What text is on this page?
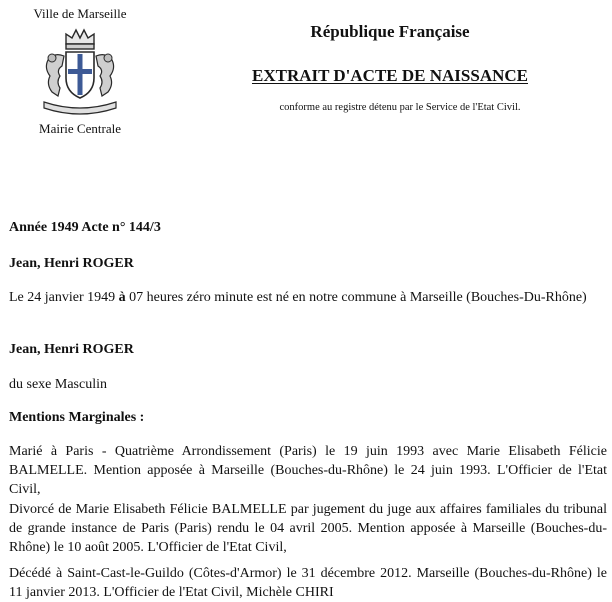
Ville de Marseille
Mairie Centrale
République Française
EXTRAIT D'ACTE DE NAISSANCE
conforme au registre détenu par le Service de l'Etat Civil.
Année 1949 Acte n° 144/3
Jean, Henri ROGER
Le 24 janvier 1949 à 07 heures zéro minute est né en notre commune à Marseille (Bouches-Du-Rhône)
Jean, Henri ROGER
du sexe Masculin
Mentions Marginales :
Marié à Paris - Quatrième Arrondissement (Paris) le 19 juin 1993 avec Marie Elisabeth Félicie BALMELLE. Mention apposée à Marseille (Bouches-du-Rhône) le 24 juin 1993. L'Officier de l'Etat Civil,
Divorcé de Marie Elisabeth Félicie BALMELLE par jugement du juge aux affaires familiales du tribunal de grande instance de Paris (Paris) rendu le 04 avril 2005. Mention apposée à Marseille (Bouches-du-Rhône) le 10 août 2005. L'Officier de l'Etat Civil,
Décédé à Saint-Cast-le-Guildo (Côtes-d'Armor) le 31 décembre 2012. Marseille (Bouches-du-Rhône) le 11 janvier 2013. L'Officier de l'Etat Civil, Michèle CHIRI
